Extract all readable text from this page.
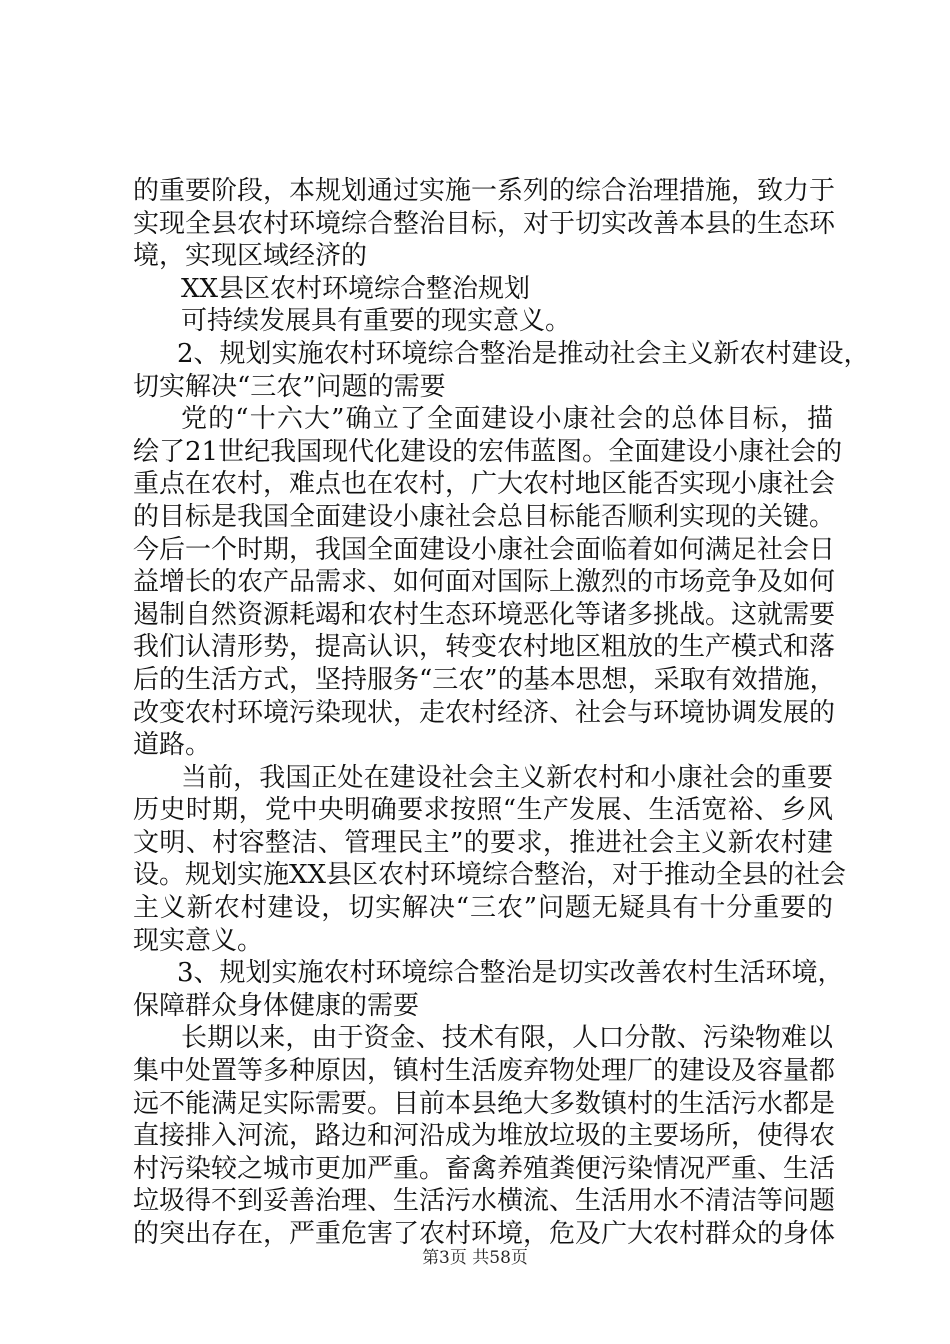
的重要阶段，本规划通过实施一系列的综合治理措施，致力于
实现全县农村环境综合整治目标，对于切实改善本县的生态环
境，实现区域经济的
XX县区农村环境综合整治规划
可持续发展具有重要的现实意义。
2、规划实施农村环境综合整治是推动社会主义新农村建设，
切实解决“三农”问题的需要
党的“十六大”确立了全面建设小康社会的总体目标，描
绘了21世纪我国现代化建设的宏伟蓝图。全面建设小康社会的
重点在农村，难点也在农村，广大农村地区能否实现小康社会
的目标是我国全面建设小康社会总目标能否顺利实现的关键。
今后一个时期，我国全面建设小康社会面临着如何满足社会日
益增长的农产品需求、如何面对国际上激烈的市场竞争及如何
遏制自然资源耗竭和农村生态环境恶化等诸多挑战。这就需要
我们认清形势，提高认识，转变农村地区粗放的生产模式和落
后的生活方式，坚持服务“三农”的基本思想，采取有效措施，
改变农村环境污染现状，走农村经济、社会与环境协调发展的
道路。
当前，我国正处在建设社会主义新农村和小康社会的重要
历史时期，党中央明确要求按照“生产发展、生活宽裕、乡风
文明、村容整洁、管理民主”的要求，推进社会主义新农村建
设。规划实施XX县区农村环境综合整治，对于推动全县的社会
主义新农村建设，切实解决“三农”问题无疑具有十分重要的
现实意义。
3、规划实施农村环境综合整治是切实改善农村生活环境，
保障群众身体健康的需要
长期以来，由于资金、技术有限，人口分散、污染物难以
集中处置等多种原因，镇村生活废弃物处理厂的建设及容量都
远不能满足实际需要。目前本县绝大多数镇村的生活污水都是
直接排入河流，路边和河沿成为堆放垃圾的主要场所，使得农
村污染较之城市更加严重。畜禽养殖粪便污染情况严重、生活
垃圾得不到妥善治理、生活污水横流、生活用水不清洁等问题
的突出存在，严重危害了农村环境，危及广大农村群众的身体
第3页 共58页
